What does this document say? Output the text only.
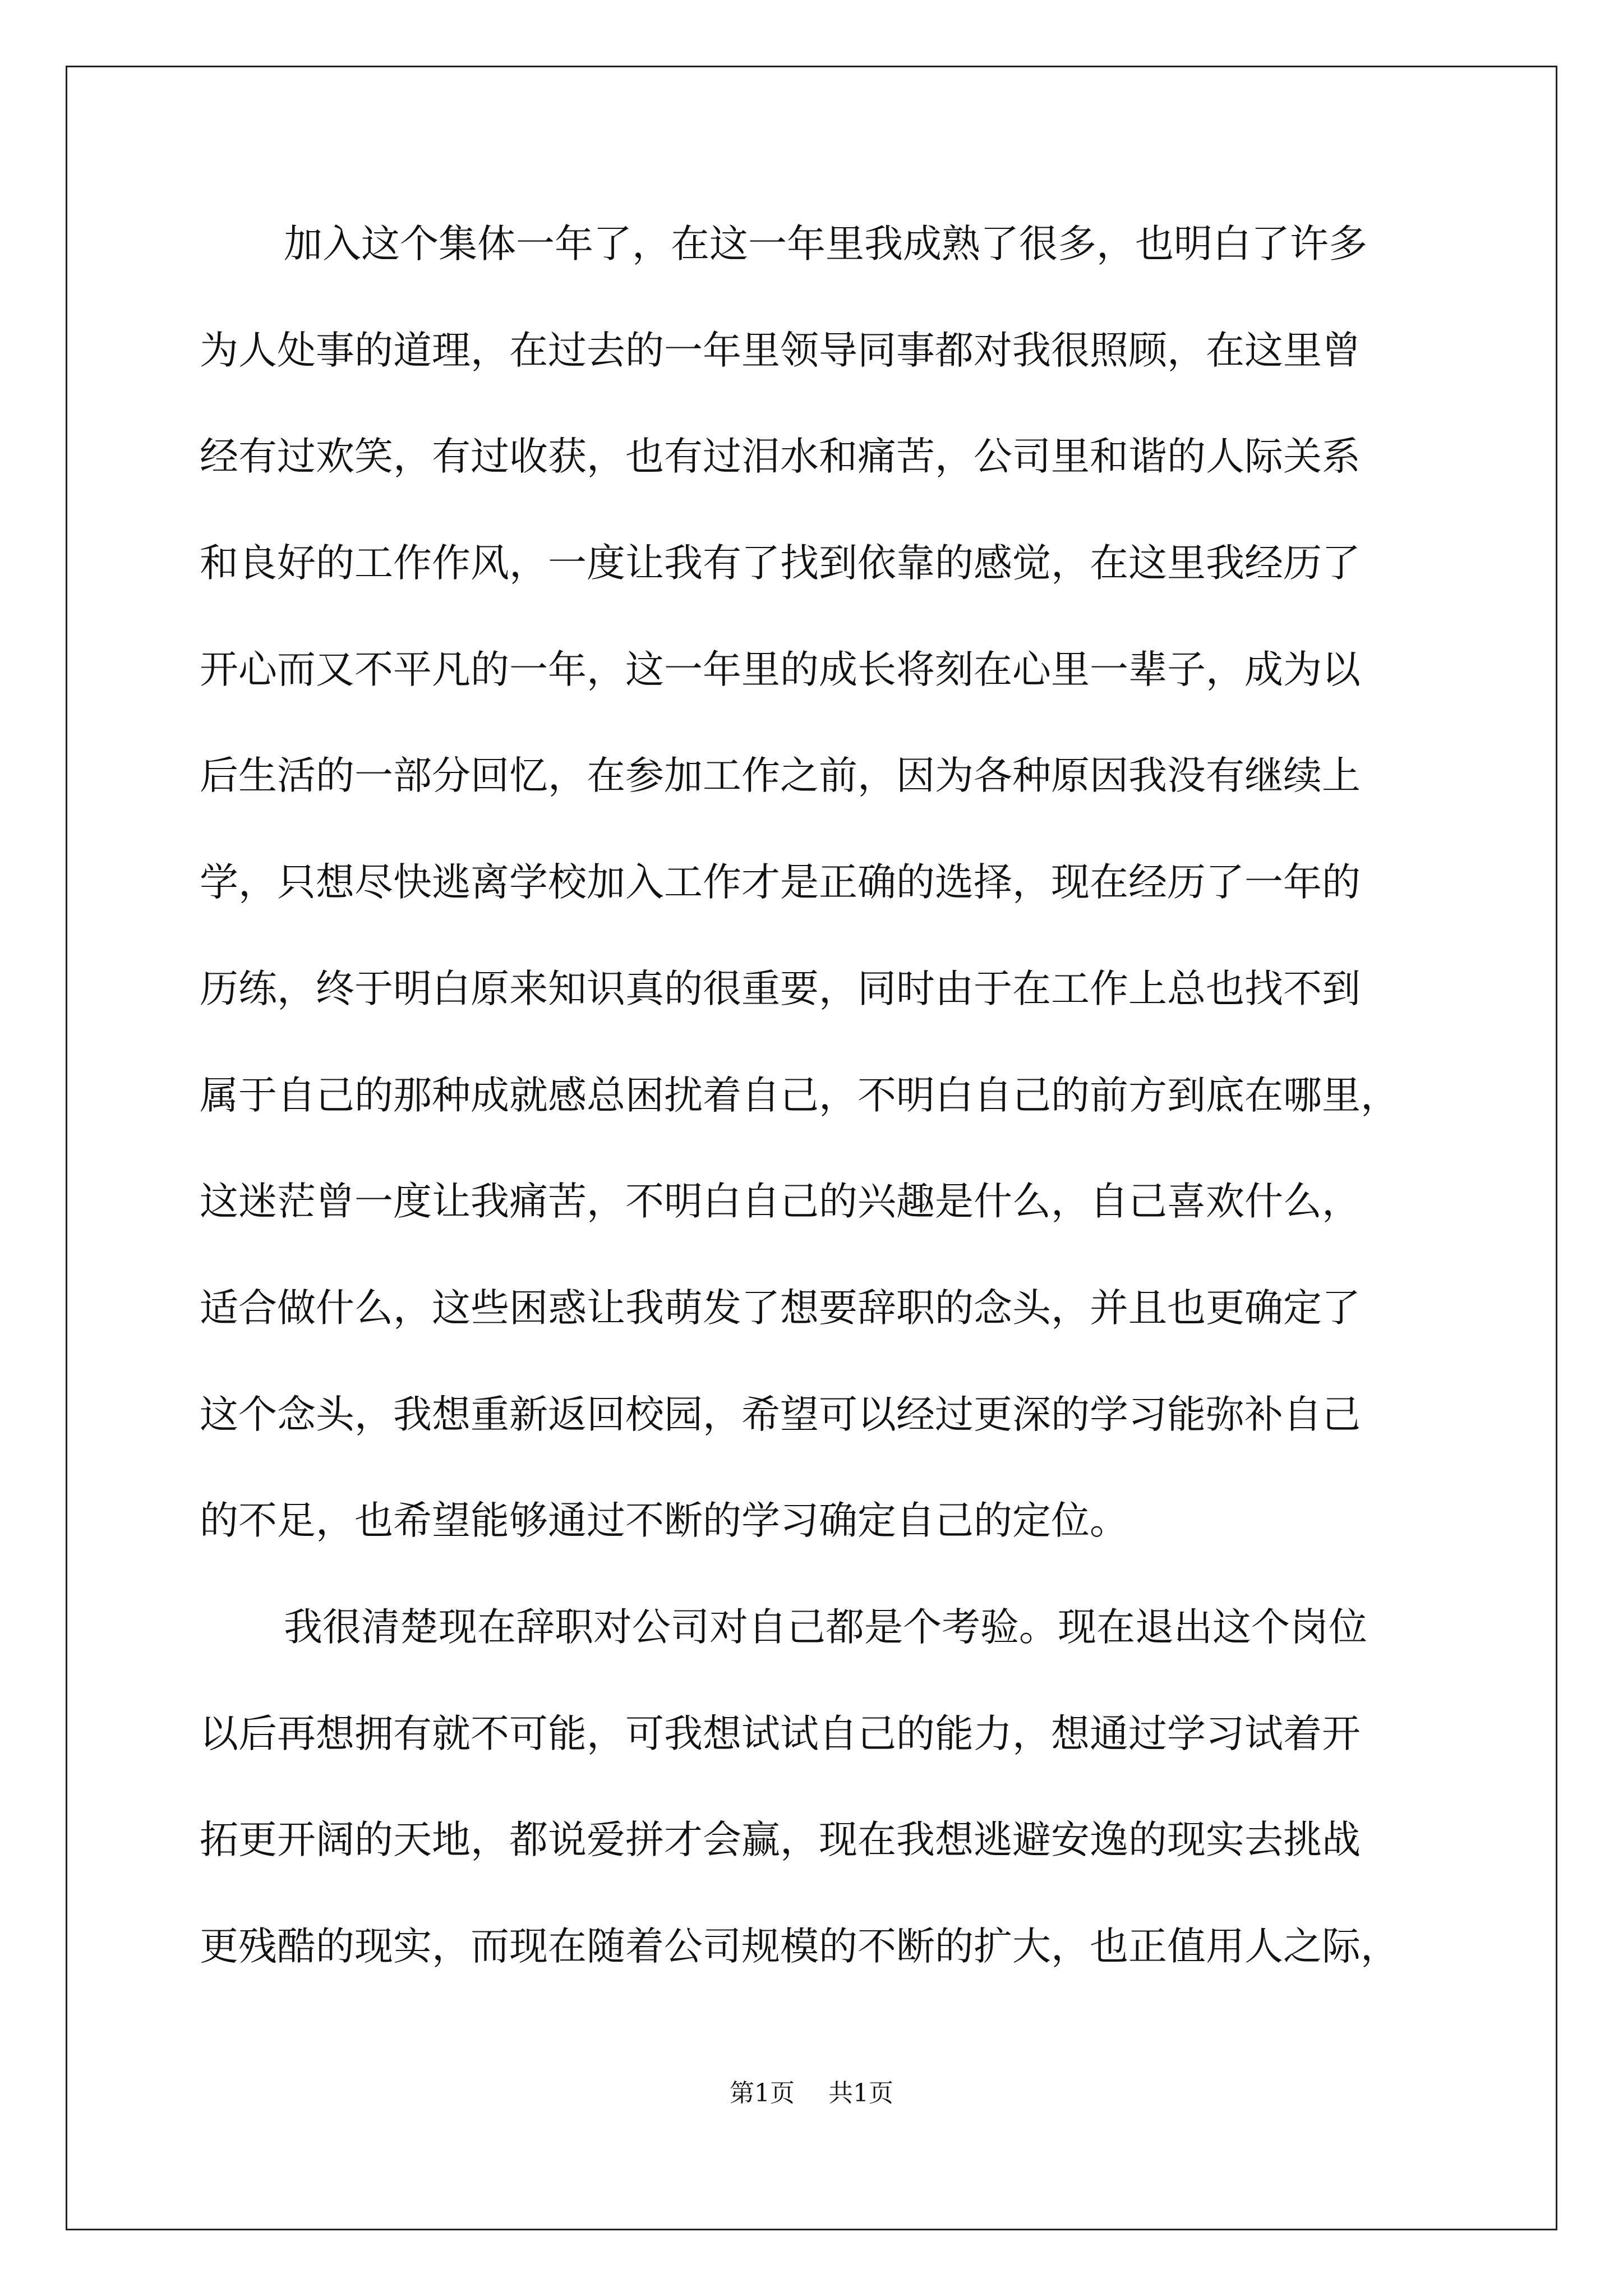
加入这个集体一年了，在这一年里我成熟了很多，也明白了许多
为人处事的道理，在过去的一年里领导同事都对我很照顾，在这里曾
经有过欢笑，有过收获，也有过泪水和痛苦，公司里和谐的人际关系
和良好的工作作风，一度让我有了找到依靠的感觉，在这里我经历了
开心而又不平凡的一年，这一年里的成长将刻在心里一辈子，成为以
后生活的一部分回忆，在参加工作之前，因为各种原因我没有继续上
学，只想尽快逃离学校加入工作才是正确的选择，现在经历了一年的
历练，终于明白原来知识真的很重要，同时由于在工作上总也找不到
属于自己的那种成就感总困扰着自己，不明白自己的前方到底在哪里，
这迷茫曾一度让我痛苦，不明白自己的兴趣是什么，自己喜欢什么，
适合做什么，这些困惑让我萌发了想要辞职的念头，并且也更确定了
这个念头，我想重新返回校园，希望可以经过更深的学习能弥补自己
的不足，也希望能够通过不断的学习确定自己的定位。
我很清楚现在辞职对公司对自己都是个考验。现在退出这个岗位
以后再想拥有就不可能，可我想试试自己的能力，想通过学习试着开
拓更开阔的天地，都说爱拼才会赢，现在我想逃避安逸的现实去挑战
更残酷的现实，而现在随着公司规模的不断的扩大，也正值用人之际，
第1页 共1页
